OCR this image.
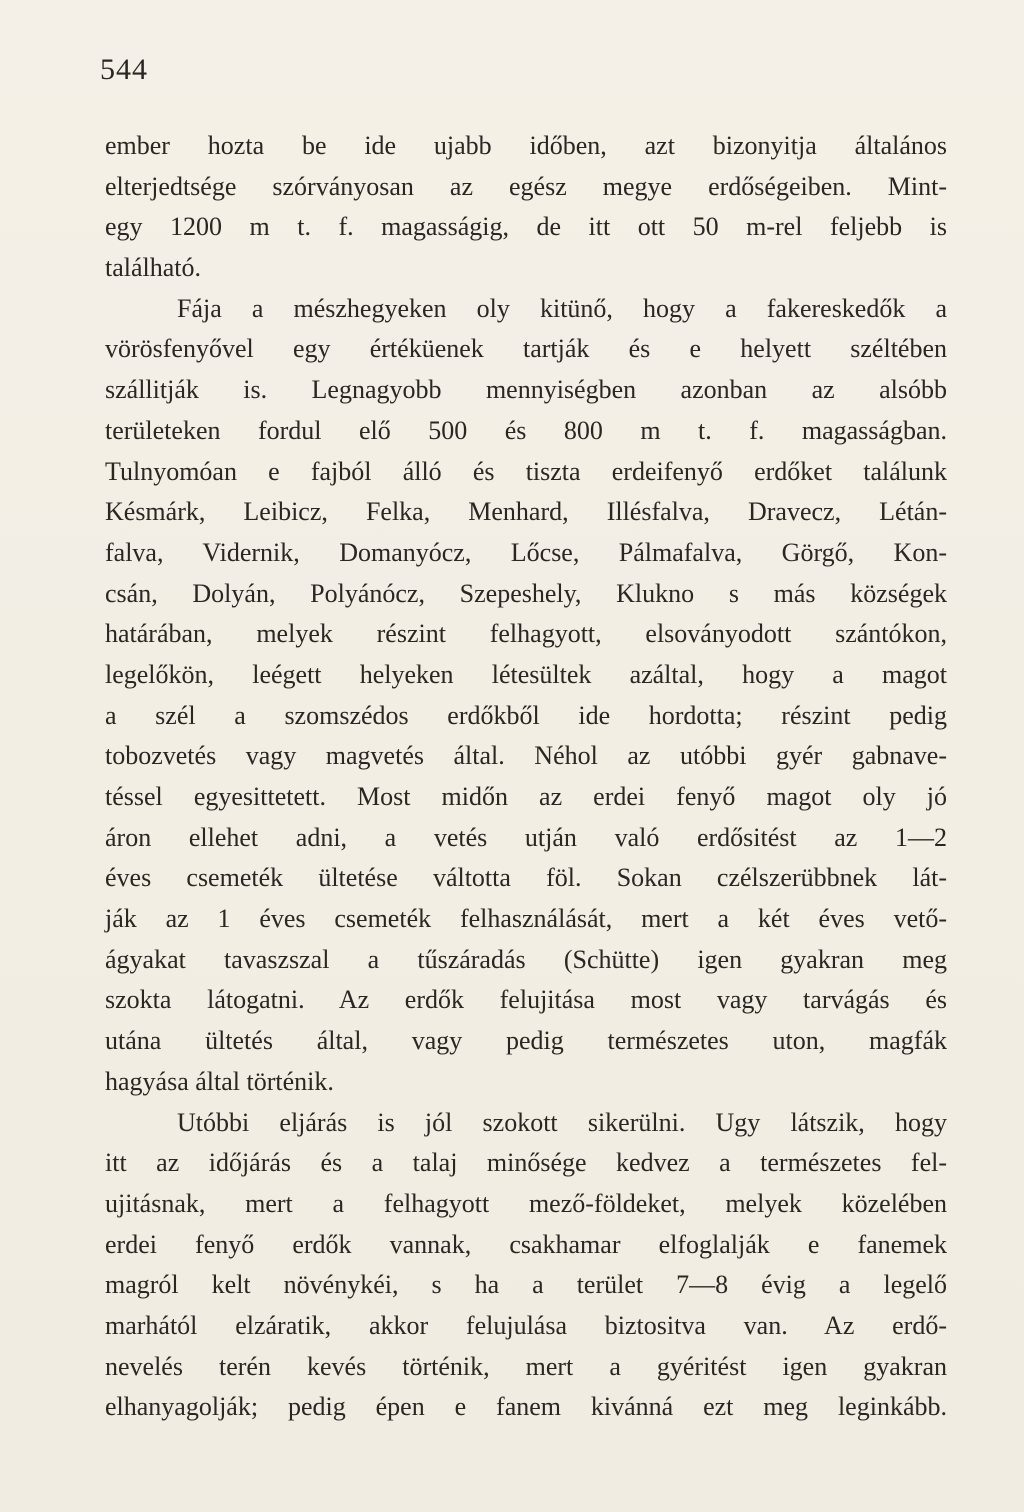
544
ember hozta be ide ujabb időben, azt bizonyitja általános
elterjedtsége szórványosan az egész megye erdőségeiben. Mint-
egy 1200 m t. f. magasságig, de itt ott 50 m-rel feljebb is
található.
Fája a mészhegyeken oly kitünő, hogy a fakereskedők a
vörösfenyővel egy értéküenek tartják és e helyett széltében
szállitják is. Legnagyobb mennyiségben azonban az alsóbb
területeken fordul elő 500 és 800 m t. f. magasságban.
Tulnyomóan e fajból álló és tiszta erdeifenyő erdőket találunk
Késmárk, Leibicz, Felka, Menhard, Illésfalva, Dravecz, Létán-
falva, Vidernik, Domanyócz, Lőcse, Pálmafalva, Görgő, Kon-
csán, Dolyán, Polyánócz, Szepeshely, Klukno s más községek
határában, melyek részint felhagyott, elsoványodott szántókon,
legelőkön, leégett helyeken létesültek azáltal, hogy a magot
a szél a szomszédos erdőkből ide hordotta; részint pedig
tobozvetés vagy magvetés által. Néhol az utóbbi gyér gabnave-
téssel egyesittetett. Most midőn az erdei fenyő magot oly jó
áron ellehet adni, a vetés utján való erdősitést az 1—2
éves csemeték ültetése váltotta föl. Sokan czélszerübbnek lát-
ják az 1 éves csemeték felhasználását, mert a két éves vető-
ágyakat tavaszszal a tűszáradás (Schütte) igen gyakran meg
szokta látogatni. Az erdők felujitása most vagy tarvágás és
utána ültetés által, vagy pedig természetes uton, magfák
hagyása által történik.
Utóbbi eljárás is jól szokott sikerülni. Ugy látszik, hogy
itt az időjárás és a talaj minősége kedvez a természetes fel-
ujitásnak, mert a felhagyott mező-földeket, melyek közelében
erdei fenyő erdők vannak, csakhamar elfoglalják e fanemek
magról kelt növénykéi, s ha a terület 7—8 évig a legelő
marhától elzáratik, akkor felujulása biztositva van. Az erdő-
nevelés terén kevés történik, mert a gyéritést igen gyakran
elhanyagolják; pedig épen e fanem kivánná ezt meg leginkább.
